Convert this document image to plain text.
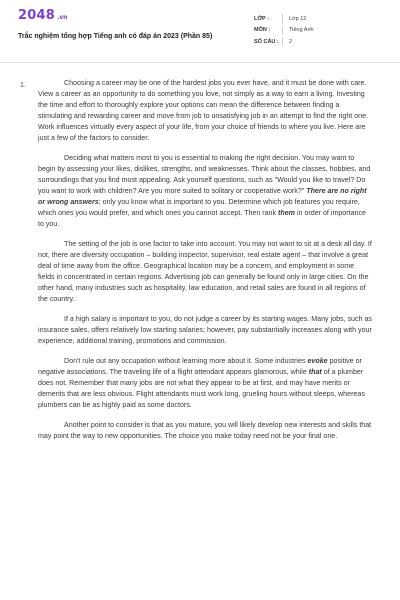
2048 .vn
Trắc nghiệm tổng hợp Tiếng anh có đáp án 2023 (Phần 85)
LỚP :	Lớp 12
MÔN :	Tiếng Anh
SỐ CÂU :	2
1.	Choosing a career may be one of the hardest jobs you ever have, and it must be done with care. View a career as an opportunity to do something you love, not simply as a way to earn a living. Investing the time and effort to thoroughly explore your options can mean the difference between finding a stimulating and rewarding career and move from job to unsatisfying job in an attempt to find the right one. Work influences virtually every aspect of your life, from your choice of friends to where you live. Here are just a few of the factors to consider.

Deciding what matters most to you is essential to making the right decision. You may want to begin by assessing your likes, dislikes, strengths, and weaknesses. Think about the classes, hobbies, and surroundings that you find most appealing. Ask yourself questions, such as "Would you like to travel? Do you want to work with children? Are you more suited to solitary or cooperative work?" There are no right or wrong answers; only you know what is important to you. Determine which job features you require, which ones you would prefer, and which ones you cannot accept. Then rank them in order of importance to you.

The setting of the job is one factor to take into account. You may not want to sit at a desk all day. If not, there are diversity occupation – building inspector, supervisor, real estate agent – that involve a great deal of time away from the office. Geographical location may be a concern, and employment in some fields in concentrated in certain regions. Advertising job can generally be found only in large cities. On the other hand, many industries such as hospitality, law education, and retail sales are found in all regions of the country.

If a high salary is important to you, do not judge a career by its starting wages. Many jobs, such as insurance sales, offers relatively low starting salaries; however, pay substantially increases along with your experience, additional training, promotions and commission.

Don't rule out any occupation without learning more about it. Some industries evoke positive or negative associations. The traveling life of a flight attendant appears glamorous, while that of a plumber does not. Remember that many jobs are not what they appear to be at first, and may have merits or demerits that are less obvious. Flight attendants must work long, grueling hours without sleeps, whereas plumbers can be as highly paid as some doctors.

Another point to consider is that as you mature, you will likely develop new interests and skills that may point the way to new opportunities. The choice you make today need not be your final one.
